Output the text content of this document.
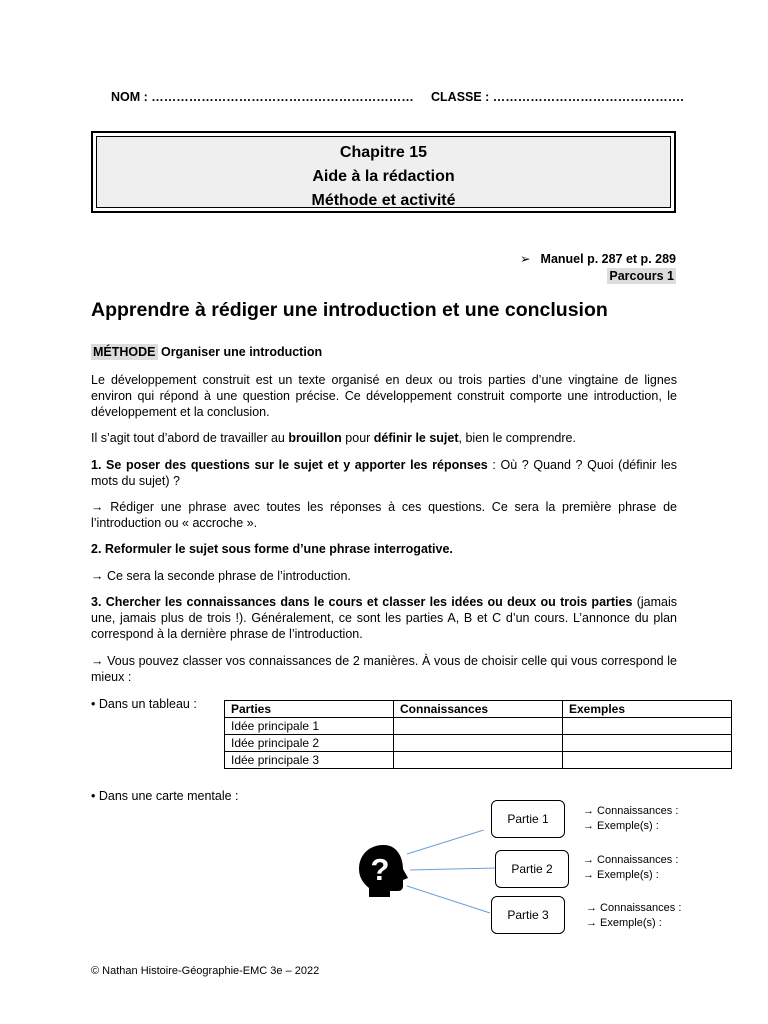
NOM : ……………………………………………………… CLASSE : ……………………………………….
Chapitre 15
Aide à la rédaction
Méthode et activité
➢ Manuel p. 287 et p. 289
Parcours 1
Apprendre à rédiger une introduction et une conclusion
MÉTHODE Organiser une introduction
Le développement construit est un texte organisé en deux ou trois parties d’une vingtaine de lignes environ qui répond à une question précise. Ce développement construit comporte une introduction, le développement et la conclusion.
Il s’agit tout d’abord de travailler au brouillon pour définir le sujet, bien le comprendre.
1. Se poser des questions sur le sujet et y apporter les réponses : Où ? Quand ? Quoi (définir les mots du sujet) ?
→ Rédiger une phrase avec toutes les réponses à ces questions. Ce sera la première phrase de l’introduction ou « accroche ».
2. Reformuler le sujet sous forme d’une phrase interrogative.
→ Ce sera la seconde phrase de l’introduction.
3. Chercher les connaissances dans le cours et classer les idées ou deux ou trois parties (jamais une, jamais plus de trois !). Généralement, ce sont les parties A, B et C d’un cours. L’annonce du plan correspond à la dernière phrase de l’introduction.
→ Vous pouvez classer vos connaissances de 2 manières. À vous de choisir celle qui vous correspond le mieux :
• Dans un tableau :	Parties	Connaissances	Exemples
Idée principale 1		
Idée principale 2		
Idée principale 3		
• Dans une carte mentale :
?
Partie 1
→ Connaissances :
→ Exemple(s) :
Partie 2
→ Connaissances :
→ Exemple(s) :
Partie 3	→ Connaissances :
→ Exemple(s) :
© Nathan Histoire-Géographie-EMC 3e – 2022
